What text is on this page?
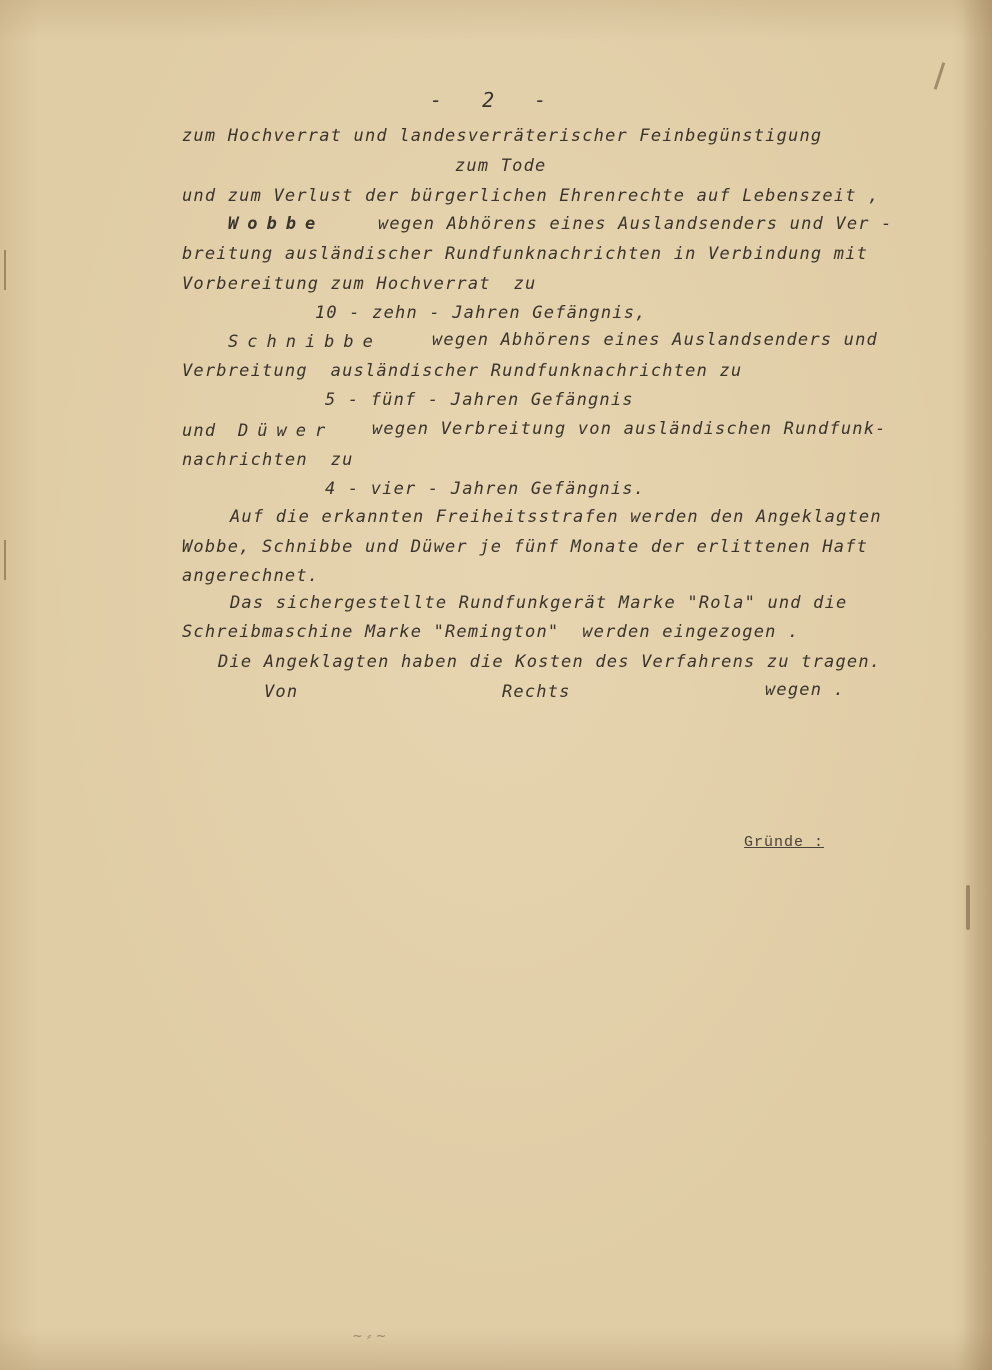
- 2 -
zum Hochverrat und landesverräterischer Feinbegünstigung
zum Tode
und zum Verlust der bürgerlichen Ehrenrechte auf Lebenszeit ,
Wobbe	wegen Abhörens eines Auslandsenders und Ver -
breitung ausländischer Rundfunknachrichten in Verbindung mit
Vorbereitung zum Hochverrat  zu
10 - zehn - Jahren Gefängnis,
Schnibbe	wegen Abhörens eines Auslandsenders und
Verbreitung  ausländischer Rundfunknachrichten zu
5 - fünf - Jahren Gefängnis
und Düwer wegen Verbreitung von ausländischen Rundfunk-
nachrichten  zu
4 - vier - Jahren Gefängnis.
Auf die erkannten Freiheitsstrafen werden den Angeklagten
Wobbe, Schnibbe und Düwer je fünf Monate der erlittenen Haft
angerechnet.
Das sichergestellte Rundfunkgerät Marke "Rola" und die
Schreibmaschine Marke "Remington"  werden eingezogen .
Die Angeklagten haben die Kosten des Verfahrens zu tragen.
Von	Rechts	wegen .
Gründe :
~ ⸗ ~
